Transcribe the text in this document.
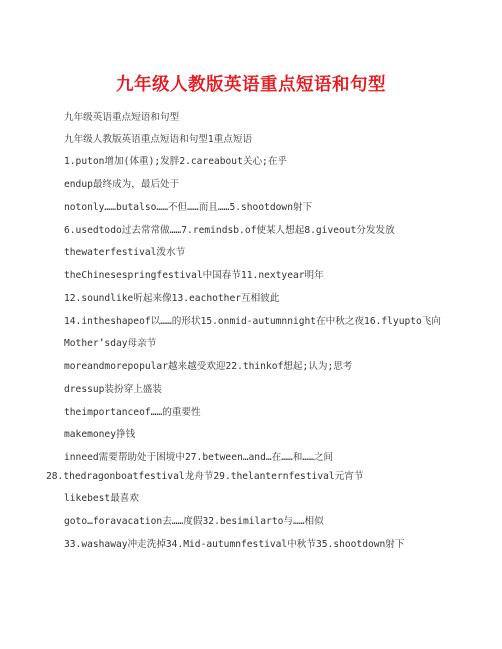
九年级人教版英语重点短语和句型
九年级英语重点短语和句型
九年级人教版英语重点短语和句型1重点短语
1.puton增加(体重);发胖2.careabout关心;在乎
endup最终成为，最后处于
notonly……butalso……不但……而且……5.shootdown射下
6.usedtodo过去常常做……7.remindsb.of使某人想起8.giveout分发发放
thewaterfestival泼水节
theChinesespringfestival中国春节11.nextyear明年
12.soundlike听起来像13.eachother互相彼此
14.intheshapeof以……的形状15.onmid-autumnnight在中秋之夜16.flyupto飞向
Mother’sday母亲节
moreandmorepopular越来越受欢迎22.thinkof想起;认为;思考
dressup装扮穿上盛装
theimportanceof……的重要性
makemoney挣钱
inneed需要帮助处于困境中27.between…and…在……和……之间
28.thedragonboatfestival龙舟节29.thelanternfestival元宵节
likebest最喜欢
goto…foravacation去……度假32.besimilarto与……相似
33.washaway冲走洗掉34.Mid-autumnfestival中秋节35.shootdown射下
